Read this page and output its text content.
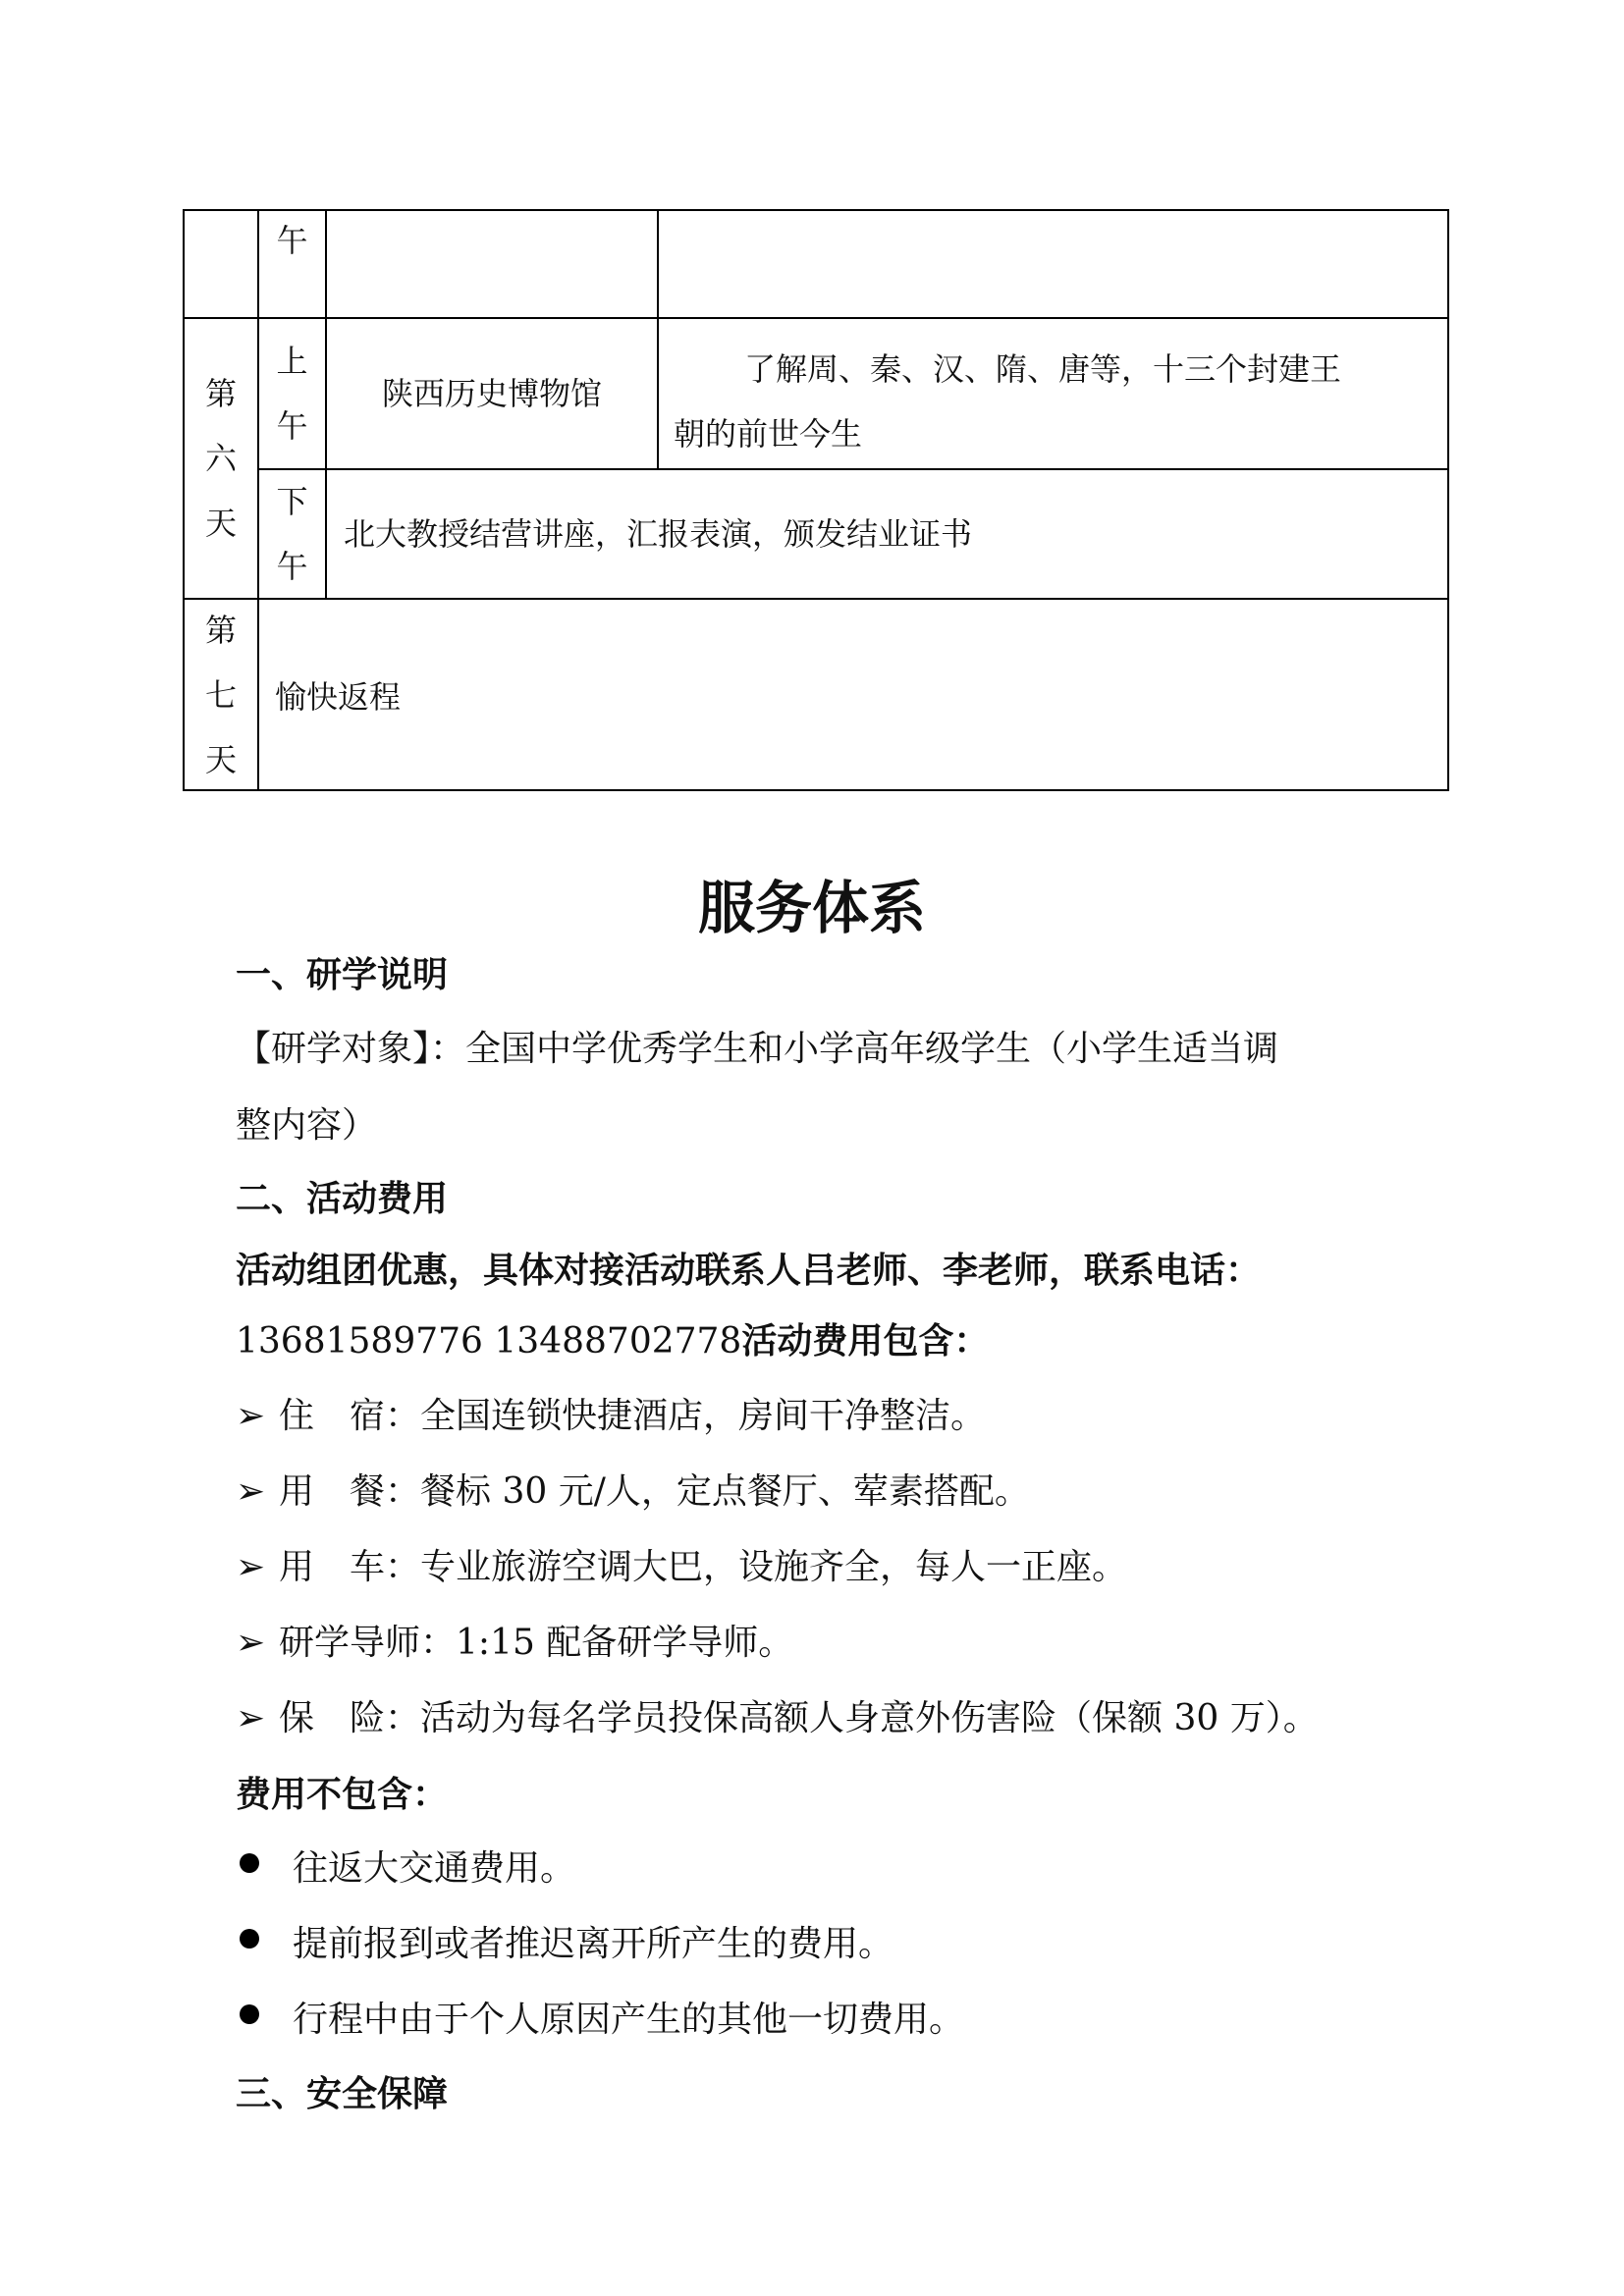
午
第
六
天
上
午
陕西历史博物馆
了解周、秦、汉、隋、唐等，十三个封建王
朝的前世今生
下
午
北大教授结营讲座，汇报表演，颁发结业证书
第
七
天
愉快返程
服务体系
一、研学说明
【研学对象】：全国中学优秀学生和小学高年级学生（小学生适当调
整内容）
二、活动费用
活动组团优惠，具体对接活动联系人吕老师、李老师，联系电话：
13681589776 13488702778活动费用包含：
➢ 住　宿：全国连锁快捷酒店，房间干净整洁。
➢ 用　餐：餐标 30 元/人，定点餐厅、荤素搭配。
➢ 用　车：专业旅游空调大巴，设施齐全，每人一正座。
➢ 研学导师：1:15 配备研学导师。
➢ 保　险：活动为每名学员投保高额人身意外伤害险（保额 30 万）。
费用不包含：
往返大交通费用。
提前报到或者推迟离开所产生的费用。
行程中由于个人原因产生的其他一切费用。
三、安全保障
